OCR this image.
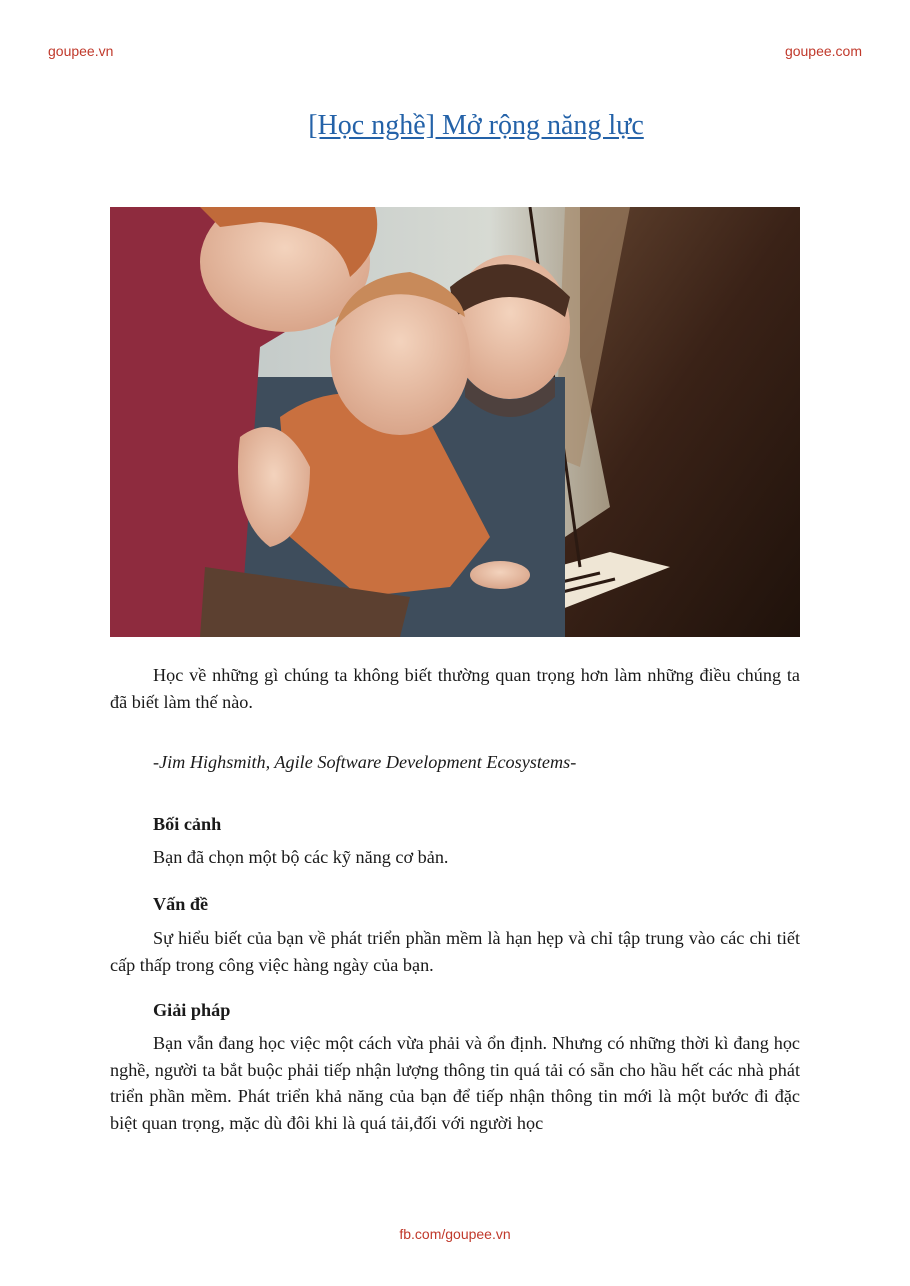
goupee.vn	goupee.com
[Học nghề] Mở rộng năng lực

Học về những gì chúng ta không biết thường quan trọng hơn làm những điều chúng ta đã biết làm thế nào.

-Jim Highsmith, Agile Software Development Ecosystems-
Bối cảnh

Bạn đã chọn một bộ các kỹ năng cơ bản.

Vấn đề

Sự hiểu biết của bạn về phát triển phần mềm là hạn hẹp và chỉ tập trung vào các chi tiết cấp thấp trong công việc hàng ngày của bạn.

Giải pháp

Bạn vẫn đang học việc một cách vừa phải và ổn định. Nhưng có những thời kì đang học nghề, người ta bắt buộc phải tiếp nhận lượng thông tin quá tải có sẵn cho hầu hết các nhà phát triển phần mềm. Phát triển khả năng của bạn để tiếp nhận thông tin mới là một bước đi đặc biệt quan trọng, mặc dù đôi khi là quá tải,đối với người học

fb.com/goupee.vn
